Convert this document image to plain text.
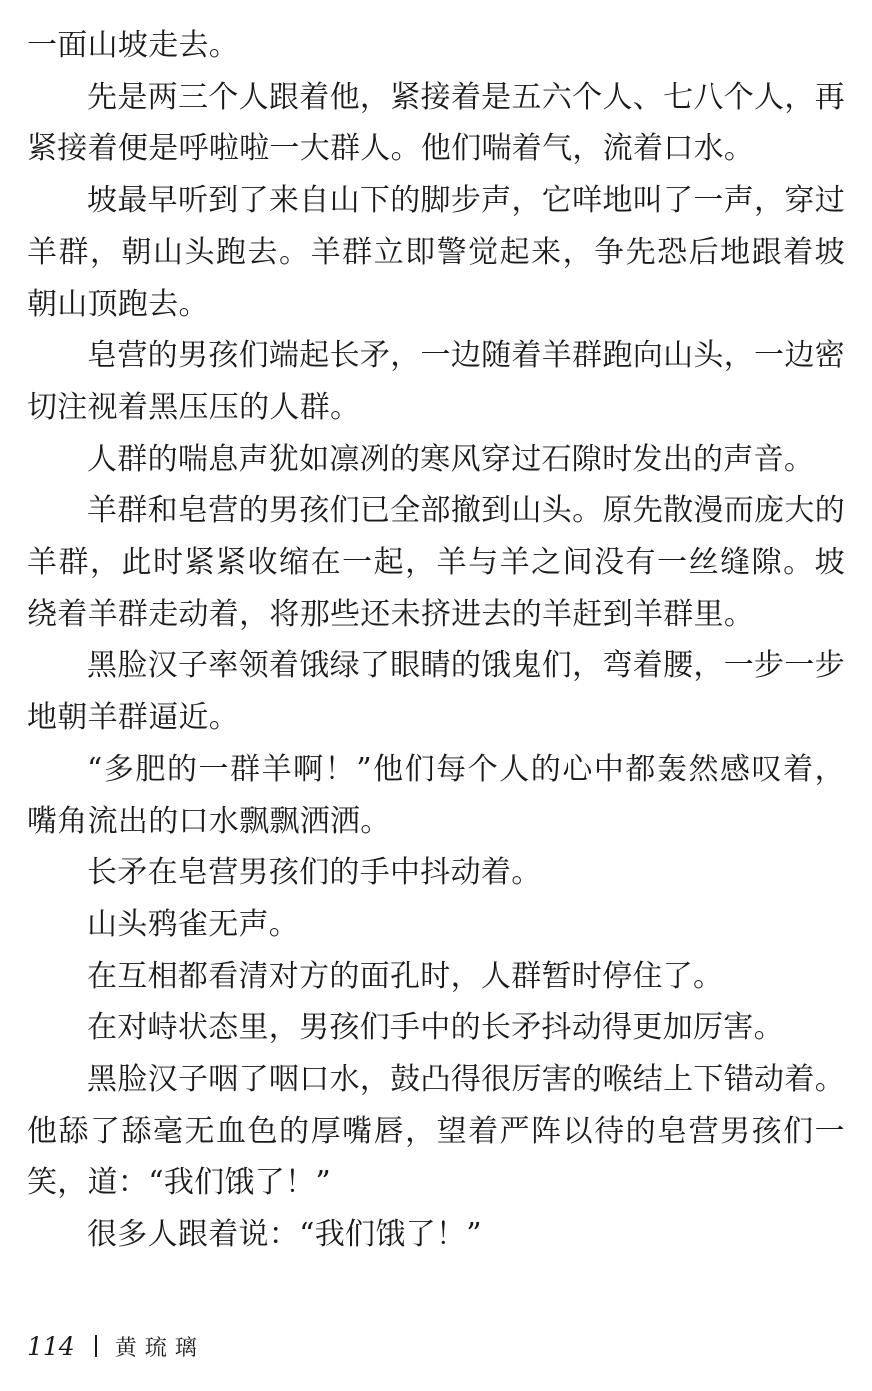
一面山坡走去。

先是两三个人跟着他，紧接着是五六个人、七八个人，再紧接着便是呼啦啦一大群人。他们喘着气，流着口水。

坡最早听到了来自山下的脚步声，它咩地叫了一声，穿过羊群，朝山头跑去。羊群立即警觉起来，争先恐后地跟着坡朝山顶跑去。

皂营的男孩们端起长矛，一边随着羊群跑向山头，一边密切注视着黑压压的人群。

人群的喘息声犹如凛冽的寒风穿过石隙时发出的声音。

羊群和皂营的男孩们已全部撤到山头。原先散漫而庞大的羊群，此时紧紧收缩在一起，羊与羊之间没有一丝缝隙。坡绕着羊群走动着，将那些还未挤进去的羊赶到羊群里。

黑脸汉子率领着饿绿了眼睛的饿鬼们，弯着腰，一步一步地朝羊群逼近。

“多肥的一群羊啊！”他们每个人的心中都轰然感叹着，嘴角流出的口水飘飘洒洒。

长矛在皂营男孩们的手中抖动着。

山头鸦雀无声。

在互相都看清对方的面孔时，人群暂时停住了。

在对峙状态里，男孩们手中的长矛抖动得更加厉害。

黑脸汉子咽了咽口水，鼓凸得很厉害的喉结上下错动着。他舔了舔毫无血色的厚嘴唇，望着严阵以待的皂营男孩们一笑，道：“我们饿了！”

很多人跟着说：“我们饿了！”

114 黄琉璃
